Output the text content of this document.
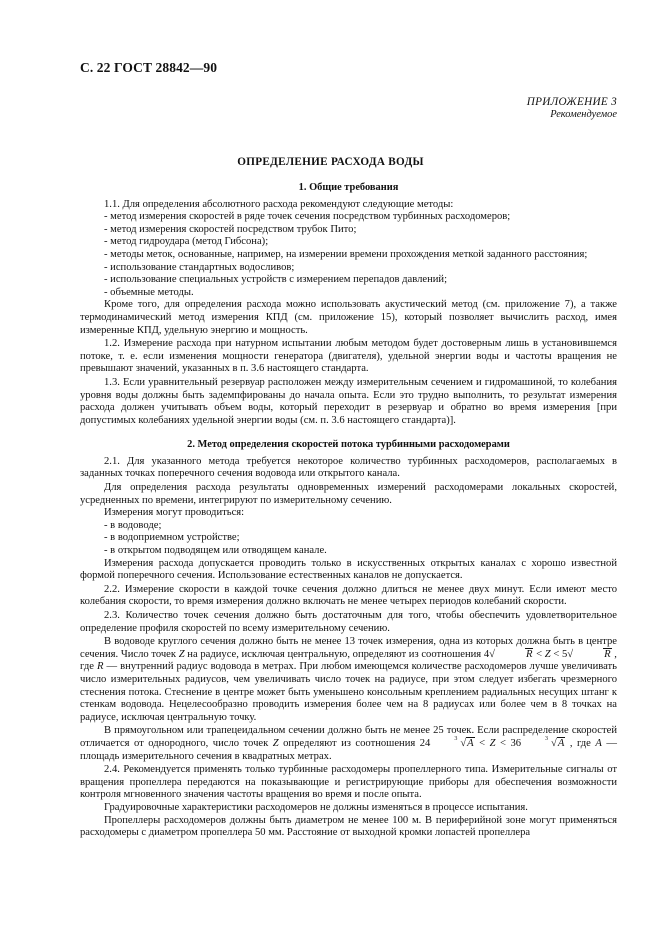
С. 22 ГОСТ 28842—90
ПРИЛОЖЕНИЕ 3
Рекомендуемое
ОПРЕДЕЛЕНИЕ РАСХОДА ВОДЫ
1. Общие требования

1.1. Для определения абсолютного расхода рекомендуют следующие методы:

- метод измерения скоростей в ряде точек сечения посредством турбинных расходомеров;

- метод измерения скоростей посредством трубок Пито;

- метод гидроудара (метод Гибсона);

- методы меток, основанные, например, на измерении времени прохождения меткой заданного расстояния;

- использование стандартных водосливов;

- использование специальных устройств с измерением перепадов давлений;

- объемные методы.

Кроме того, для определения расхода можно использовать акустический метод (см. приложение 7), а также термодинамический метод измерения КПД (см. приложение 15), который позволяет вычислить расход, имея измеренные КПД, удельную энергию и мощность.

1.2. Измерение расхода при натурном испытании любым методом будет достоверным лишь в установившемся потоке, т. е. если изменения мощности генератора (двигателя), удельной энергии воды и частоты вращения не превышают значений, указанных в п. 3.6 настоящего стандарта.

1.3. Если уравнительный резервуар расположен между измерительным сечением и гидромашиной, то колебания уровня воды должны быть задемпфированы до начала опыта. Если это трудно выполнить, то результат измерения расхода должен учитывать объем воды, который переходит в резервуар и обратно во время измерения [при допустимых колебаниях удельной энергии воды (см. п. 3.6 настоящего стандарта)].

2. Метод определения скоростей потока турбинными расходомерами

2.1. Для указанного метода требуется некоторое количество турбинных расходомеров, располагаемых в заданных точках поперечного сечения водовода или открытого канала.

Для определения расхода результаты одновременных измерений расходомерами локальных скоростей, усредненных по времени, интегрируют по измерительному сечению.

Измерения могут проводиться:

- в водоводе;

- в водоприемном устройстве;

- в открытом подводящем или отводящем канале.

Измерения расхода допускается проводить только в искусственных открытых каналах с хорошо известной формой поперечного сечения. Использование естественных каналов не допускается.

2.2. Измерение скорости в каждой точке сечения должно длиться не менее двух минут. Если имеют место колебания скорости, то время измерения должно включать не менее четырех периодов колебаний скорости.

2.3. Количество точек сечения должно быть достаточным для того, чтобы обеспечить удовлетворительное определение профиля скоростей по всему измерительному сечению.

В водоводе круглого сечения должно быть не менее 13 точек измерения, одна из которых должна быть в центре сечения. Число точек Z на радиусе, исключая центральную, определяют из соотношения 4√	R < Z < 5√	R , где R — внутренний радиус водовода в метрах. При любом имеющемся количестве расходомеров лучше увеличивать число измерительных радиусов, чем увеличивать число точек на радиусе, при этом следует избегать чрезмерного стеснения потока. Стеснение в центре может быть уменьшено консольным креплением радиальных несущих штанг к стенкам водовода. Нецелесообразно проводить измерения более чем на 8 радиусах или более чем в 8 точках на радиусе, исключая центральную точку.

В прямоугольном или трапецеидальном сечении должно быть не менее 25 точек. Если распределение скоростей отличается от однородного, число точек Z определяют из соотношения 24	3 √A < Z < 36	3 √A , где A — площадь измерительного сечения в квадратных метрах.

2.4. Рекомендуется применять только турбинные расходомеры пропеллерного типа. Измерительные сигналы от вращения пропеллера передаются на показывающие и регистрирующие приборы для обеспечения возможности контроля мгновенного значения частоты вращения во время и после опыта.

Градуировочные характеристики расходомеров не должны изменяться в процессе испытания.

Пропеллеры расходомеров должны быть диаметром не менее 100 м. В периферийной зоне могут применяться расходомеры с диаметром пропеллера 50 мм. Расстояние от выходной кромки лопастей пропеллера
